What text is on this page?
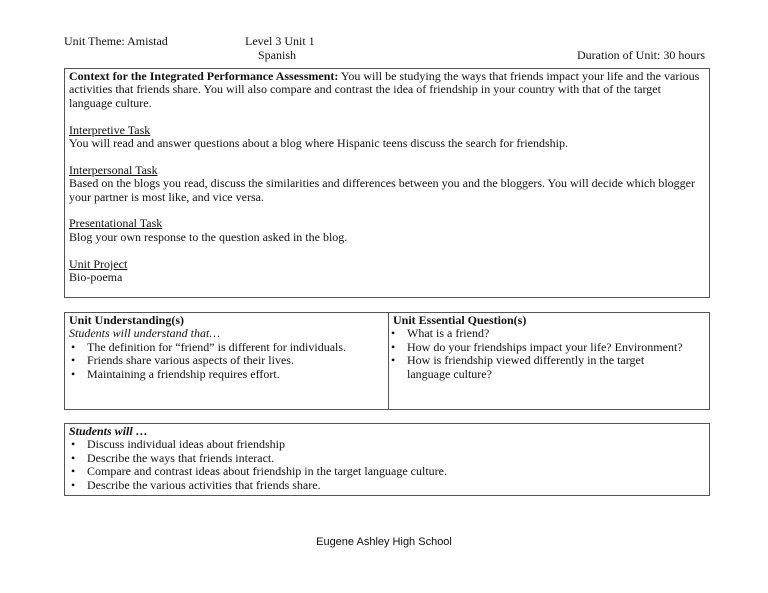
Unit Theme: Amistad	Level 3 Unit 1
Spanish	Duration of Unit: 30 hours

Context for the Integrated Performance Assessment: You will be studying the ways that friends impact your life and the various activities that friends share. You will also compare and contrast the idea of friendship in your country with that of the target language culture.

Interpretive Task

You will read and answer questions about a blog where Hispanic teens discuss the search for friendship.

Interpersonal Task

Based on the blogs you read, discuss the similarities and differences between you and the bloggers. You will decide which blogger your partner is most like, and vice versa.

Presentational Task

Blog your own response to the question asked in the blog.

Unit Project

Bio-poema

Unit Understanding(s)

Students will understand that…

• The definition for “friend” is different for individuals.
• Friends share various aspects of their lives.
• Maintaining a friendship requires effort.

Unit Essential Question(s)

• What is a friend?
• How do your friendships impact your life? Environment?
• How is friendship viewed differently in the target language culture?

Students will …

• Discuss individual ideas about friendship
• Describe the ways that friends interact.
• Compare and contrast ideas about friendship in the target language culture.
• Describe the various activities that friends share.
Eugene Ashley High School
